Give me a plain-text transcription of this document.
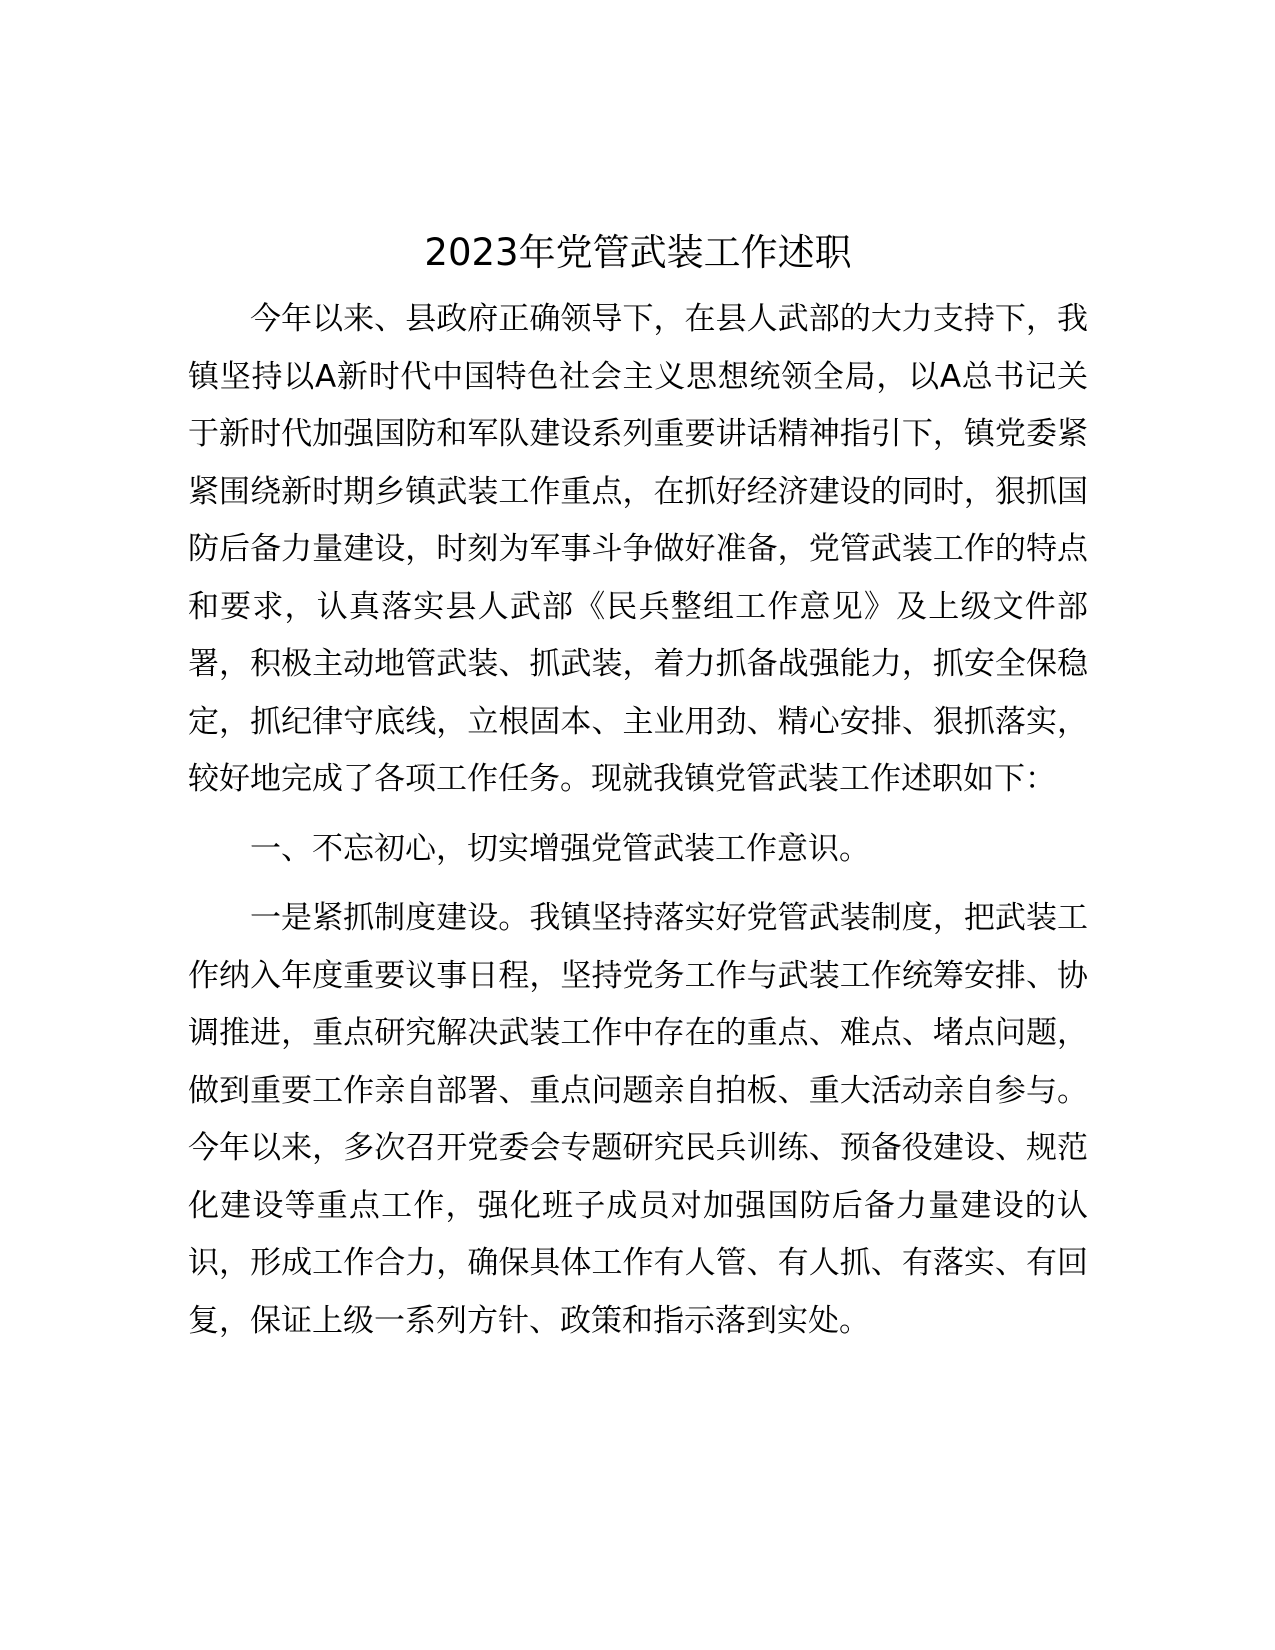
2023年党管武装工作述职

今年以来、县政府正确领导下，在县人武部的大力支持下，我镇坚持以A新时代中国特色社会主义思想统领全局，以A总书记关于新时代加强国防和军队建设系列重要讲话精神指引下，镇党委紧紧围绕新时期乡镇武装工作重点，在抓好经济建设的同时，狠抓国防后备力量建设，时刻为军事斗争做好准备，党管武装工作的特点和要求，认真落实县人武部《民兵整组工作意见》及上级文件部署，积极主动地管武装、抓武装，着力抓备战强能力，抓安全保稳定，抓纪律守底线，立根固本、主业用劲、精心安排、狠抓落实，较好地完成了各项工作任务。现就我镇党管武装工作述职如下：

一、不忘初心，切实增强党管武装工作意识。

一是紧抓制度建设。我镇坚持落实好党管武装制度，把武装工作纳入年度重要议事日程，坚持党务工作与武装工作统筹安排、协调推进，重点研究解决武装工作中存在的重点、难点、堵点问题，做到重要工作亲自部署、重点问题亲自拍板、重大活动亲自参与。今年以来，多次召开党委会专题研究民兵训练、预备役建设、规范化建设等重点工作，强化班子成员对加强国防后备力量建设的认识，形成工作合力，确保具体工作有人管、有人抓、有落实、有回复，保证上级一系列方针、政策和指示落到实处。
